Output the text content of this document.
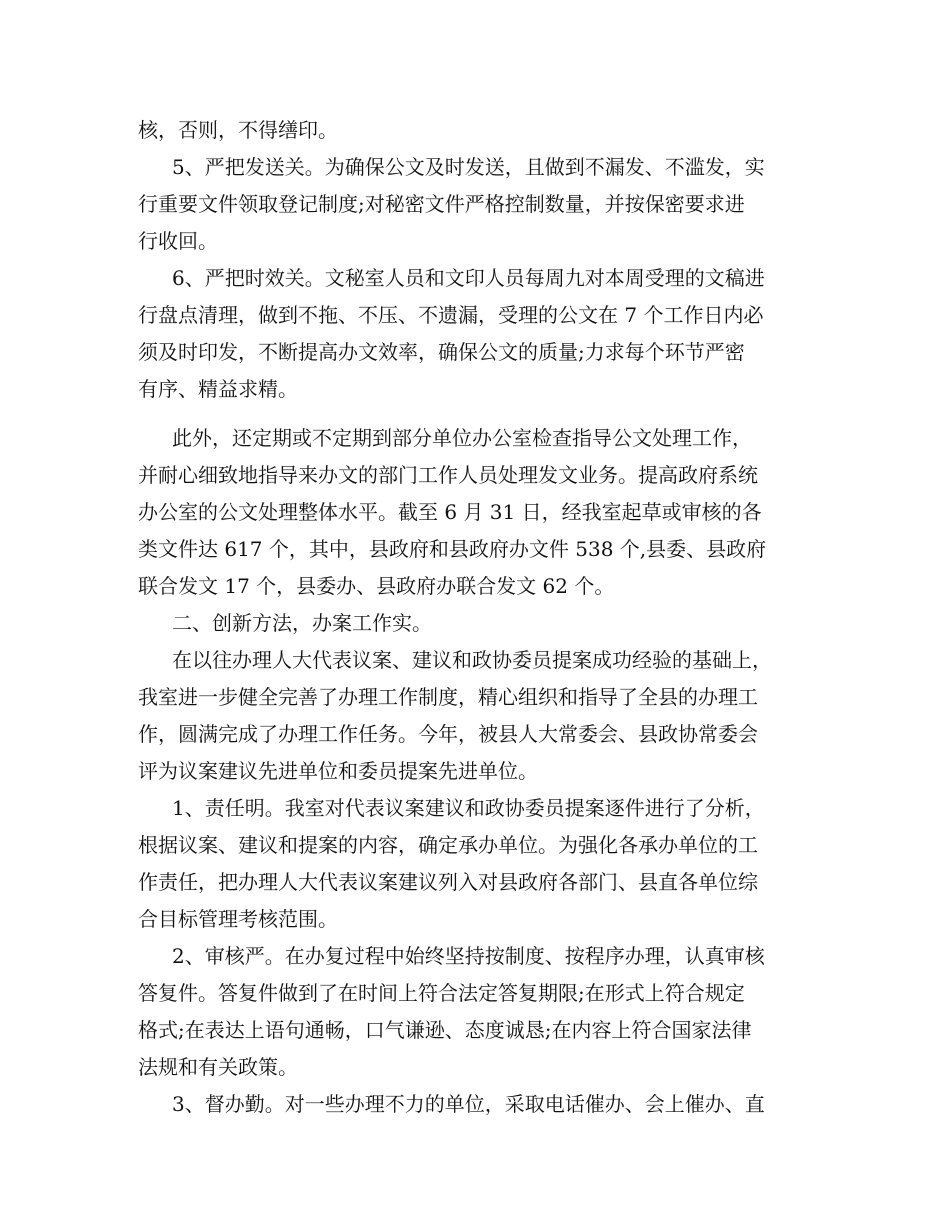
核，否则，不得缮印。
5、严把发送关。为确保公文及时发送，且做到不漏发、不滥发，实
行重要文件领取登记制度;对秘密文件严格控制数量，并按保密要求进
行收回。
6、严把时效关。文秘室人员和文印人员每周九对本周受理的文稿进
行盘点清理，做到不拖、不压、不遗漏，受理的公文在 7 个工作日内必
须及时印发，不断提高办文效率，确保公文的质量;力求每个环节严密
有序、精益求精。
此外，还定期或不定期到部分单位办公室检查指导公文处理工作，
并耐心细致地指导来办文的部门工作人员处理发文业务。提高政府系统
办公室的公文处理整体水平。截至 6 月 31 日，经我室起草或审核的各
类文件达 617 个，其中，县政府和县政府办文件 538 个,县委、县政府
联合发文 17 个，县委办、县政府办联合发文 62 个。
二、创新方法，办案工作实。
在以往办理人大代表议案、建议和政协委员提案成功经验的基础上，
我室进一步健全完善了办理工作制度，精心组织和指导了全县的办理工
作，圆满完成了办理工作任务。今年，被县人大常委会、县政协常委会
评为议案建议先进单位和委员提案先进单位。
1、责任明。我室对代表议案建议和政协委员提案逐件进行了分析，
根据议案、建议和提案的内容，确定承办单位。为强化各承办单位的工
作责任，把办理人大代表议案建议列入对县政府各部门、县直各单位综
合目标管理考核范围。
2、审核严。在办复过程中始终坚持按制度、按程序办理，认真审核
答复件。答复件做到了在时间上符合法定答复期限;在形式上符合规定
格式;在表达上语句通畅，口气谦逊、态度诚恳;在内容上符合国家法律
法规和有关政策。
3、督办勤。对一些办理不力的单位，采取电话催办、会上催办、直
